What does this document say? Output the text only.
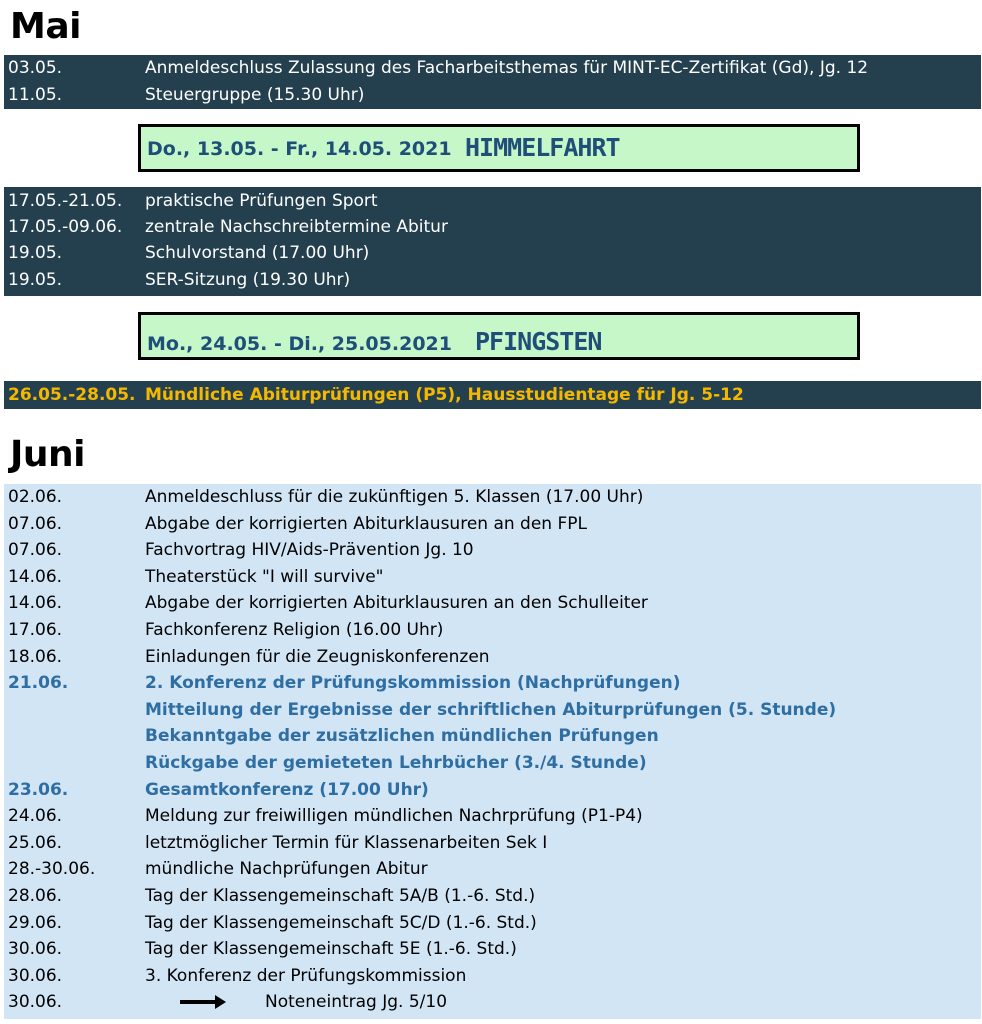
Mai
03.05.	Anmeldeschluss Zulassung des Facharbeitsthemas für MINT-EC-Zertifikat (Gd), Jg. 12
11.05.	Steuergruppe (15.30 Uhr)
Do., 13.05. - Fr., 14.05. 2021 HIMMELFAHRT
17.05.-21.05. praktische Prüfungen Sport
17.05.-09.06. zentrale Nachschreibtermine Abitur
19.05.	Schulvorstand (17.00 Uhr)
19.05.	SER-Sitzung (19.30 Uhr)
Mo., 24.05. - Di., 25.05.2021 PFINGSTEN
26.05.-28.05. Mündliche Abiturprüfungen (P5), Hausstudientage für Jg. 5-12
Juni
02.06.	Anmeldeschluss für die zukünftigen 5. Klassen (17.00 Uhr)
07.06.	Abgabe der korrigierten Abiturklausuren an den FPL
07.06.	Fachvortrag HIV/Aids-Prävention Jg. 10
14.06.	Theaterstück "I will survive"
14.06.	Abgabe der korrigierten Abiturklausuren an den Schulleiter
17.06.	Fachkonferenz Religion (16.00 Uhr)
18.06.	Einladungen für die Zeugniskonferenzen
21.06.	2. Konferenz der Prüfungskommission (Nachprüfungen)
Mitteilung der Ergebnisse der schriftlichen Abiturprüfungen (5. Stunde)
Bekanntgabe der zusätzlichen mündlichen Prüfungen
Rückgabe der gemieteten Lehrbücher (3./4. Stunde)
23.06.	Gesamtkonferenz (17.00 Uhr)
24.06.	Meldung zur freiwilligen mündlichen Nachrprüfung (P1-P4)
25.06.	letztmöglicher Termin für Klassenarbeiten Sek I
28.-30.06.	mündliche Nachprüfungen Abitur
28.06.	Tag der Klassengemeinschaft 5A/B (1.-6. Std.)
29.06.	Tag der Klassengemeinschaft 5C/D (1.-6. Std.)
30.06.	Tag der Klassengemeinschaft 5E (1.-6. Std.)
30.06.	3. Konferenz der Prüfungskommission
30.06.	Noteneintrag Jg. 5/10
